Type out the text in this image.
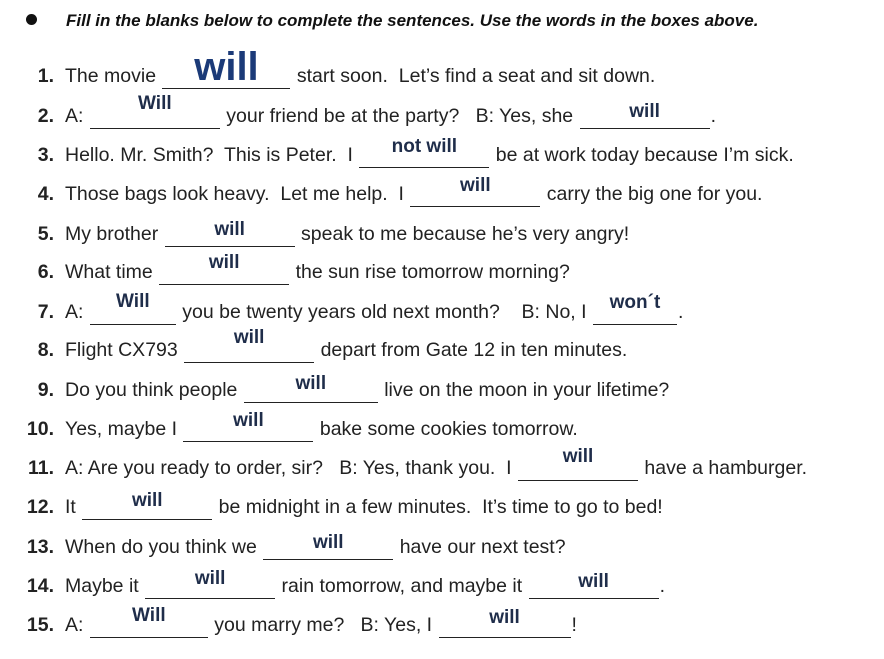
Fill in the blanks below to complete the sentences. Use the words in the boxes above.
1. The movie will	start soon.  Let’s find a seat and sit down.
2. A:
Will
your friend be at the party?   B: Yes, she	will	.
3. Hello. Mr. Smith?  This is Peter.  I	not will	be at work today because I’m sick.
4. Those bags look heavy.  Let me help.  I	will	carry the big one for you.
5. My brother	will	speak to me because he’s very angry!
6. What time	will	the sun rise tomorrow morning?
7. A:	Will	you be twenty years old next month?    B: No, I won´t .
8. Flight CX793
will
depart from Gate 12 in ten minutes.
9. Do you think people	will	live on the moon in your lifetime?
10. Yes, maybe I	will	bake some cookies tomorrow.
11. A: Are you ready to order, sir?   B: Yes, thank you.  I
will
have a hamburger.
12. It	will	be midnight in a few minutes.  It’s time to go to bed!
13. When do you think we	will	have our next test?
14. Maybe it	will	rain tomorrow, and maybe it	will	.
15. A:	Will	you marry me?   B: Yes, I	will	!
